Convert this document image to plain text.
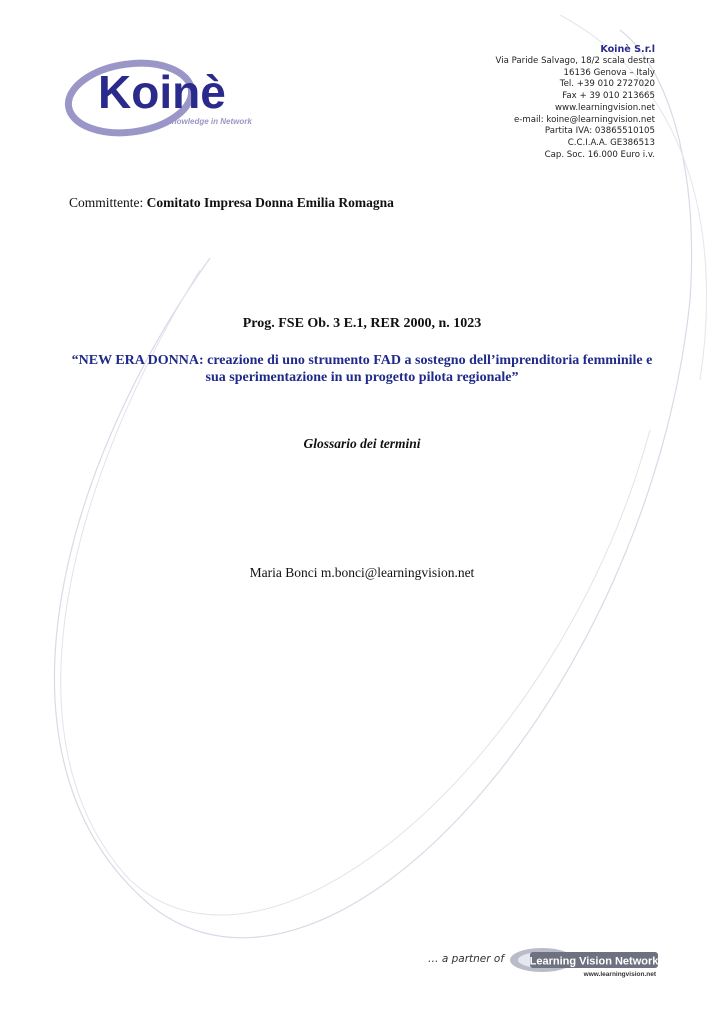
Koinè
Knowledge in Network
Koinè S.r.l
Via Paride Salvago, 18/2 scala destra
16136 Genova – Italy
Tel. +39 010 2727020
Fax + 39 010 213665
www.learningvision.net
e-mail: koine@learningvision.net
Partita IVA: 03865510105
C.C.I.A.A. GE386513
Cap. Soc. 16.000 Euro i.v.
Committente: Comitato Impresa Donna Emilia Romagna
Prog. FSE Ob. 3 E.1, RER 2000, n. 1023
“NEW ERA DONNA: creazione di uno strumento FAD a sostegno dell’imprenditoria femminile e sua sperimentazione in un progetto pilota regionale”
Glossario dei termini
Maria Bonci m.bonci@learningvision.net
… a partner of Learning Vision Network
www.learningvision.net
